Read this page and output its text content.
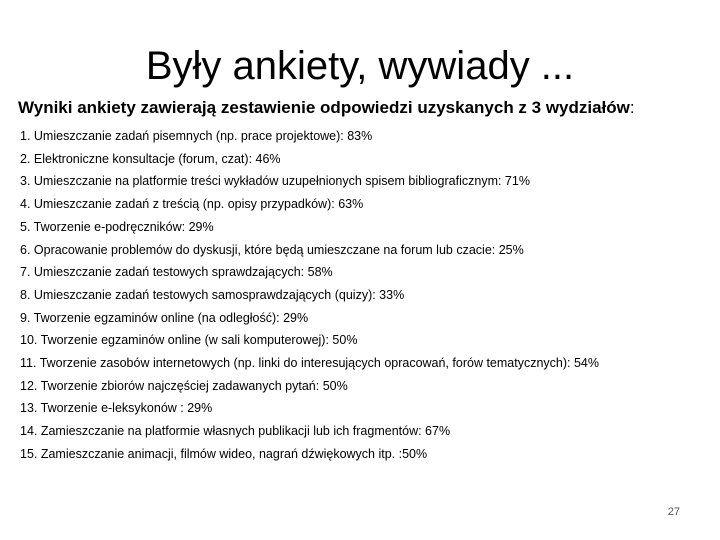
Były ankiety, wywiady ...

Wyniki ankiety zawierają zestawienie odpowiedzi uzyskanych z 3 wydziałów:

1. Umieszczanie zadań pisemnych (np. prace projektowe): 83%
2. Elektroniczne konsultacje (forum, czat): 46%
3. Umieszczanie na platformie treści wykładów uzupełnionych spisem bibliograficznym: 71%
4. Umieszczanie zadań z treścią (np. opisy przypadków): 63%
5. Tworzenie e-podręczników: 29%
6. Opracowanie problemów do dyskusji, które będą umieszczane na forum lub czacie: 25%
7. Umieszczanie zadań testowych sprawdzających: 58%
8. Umieszczanie zadań testowych samosprawdzających (quizy): 33%
9. Tworzenie egzaminów online (na odległość): 29%
10. Tworzenie egzaminów online (w sali komputerowej): 50%
11. Tworzenie zasobów internetowych (np. linki do interesujących opracowań, forów tematycznych): 54%
12. Tworzenie zbiorów najczęściej zadawanych pytań: 50%
13. Tworzenie e-leksykonów : 29%
14. Zamieszczanie na platformie własnych publikacji lub ich fragmentów: 67%
15. Zamieszczanie animacji, filmów wideo, nagrań dźwiękowych itp. :50%
27
